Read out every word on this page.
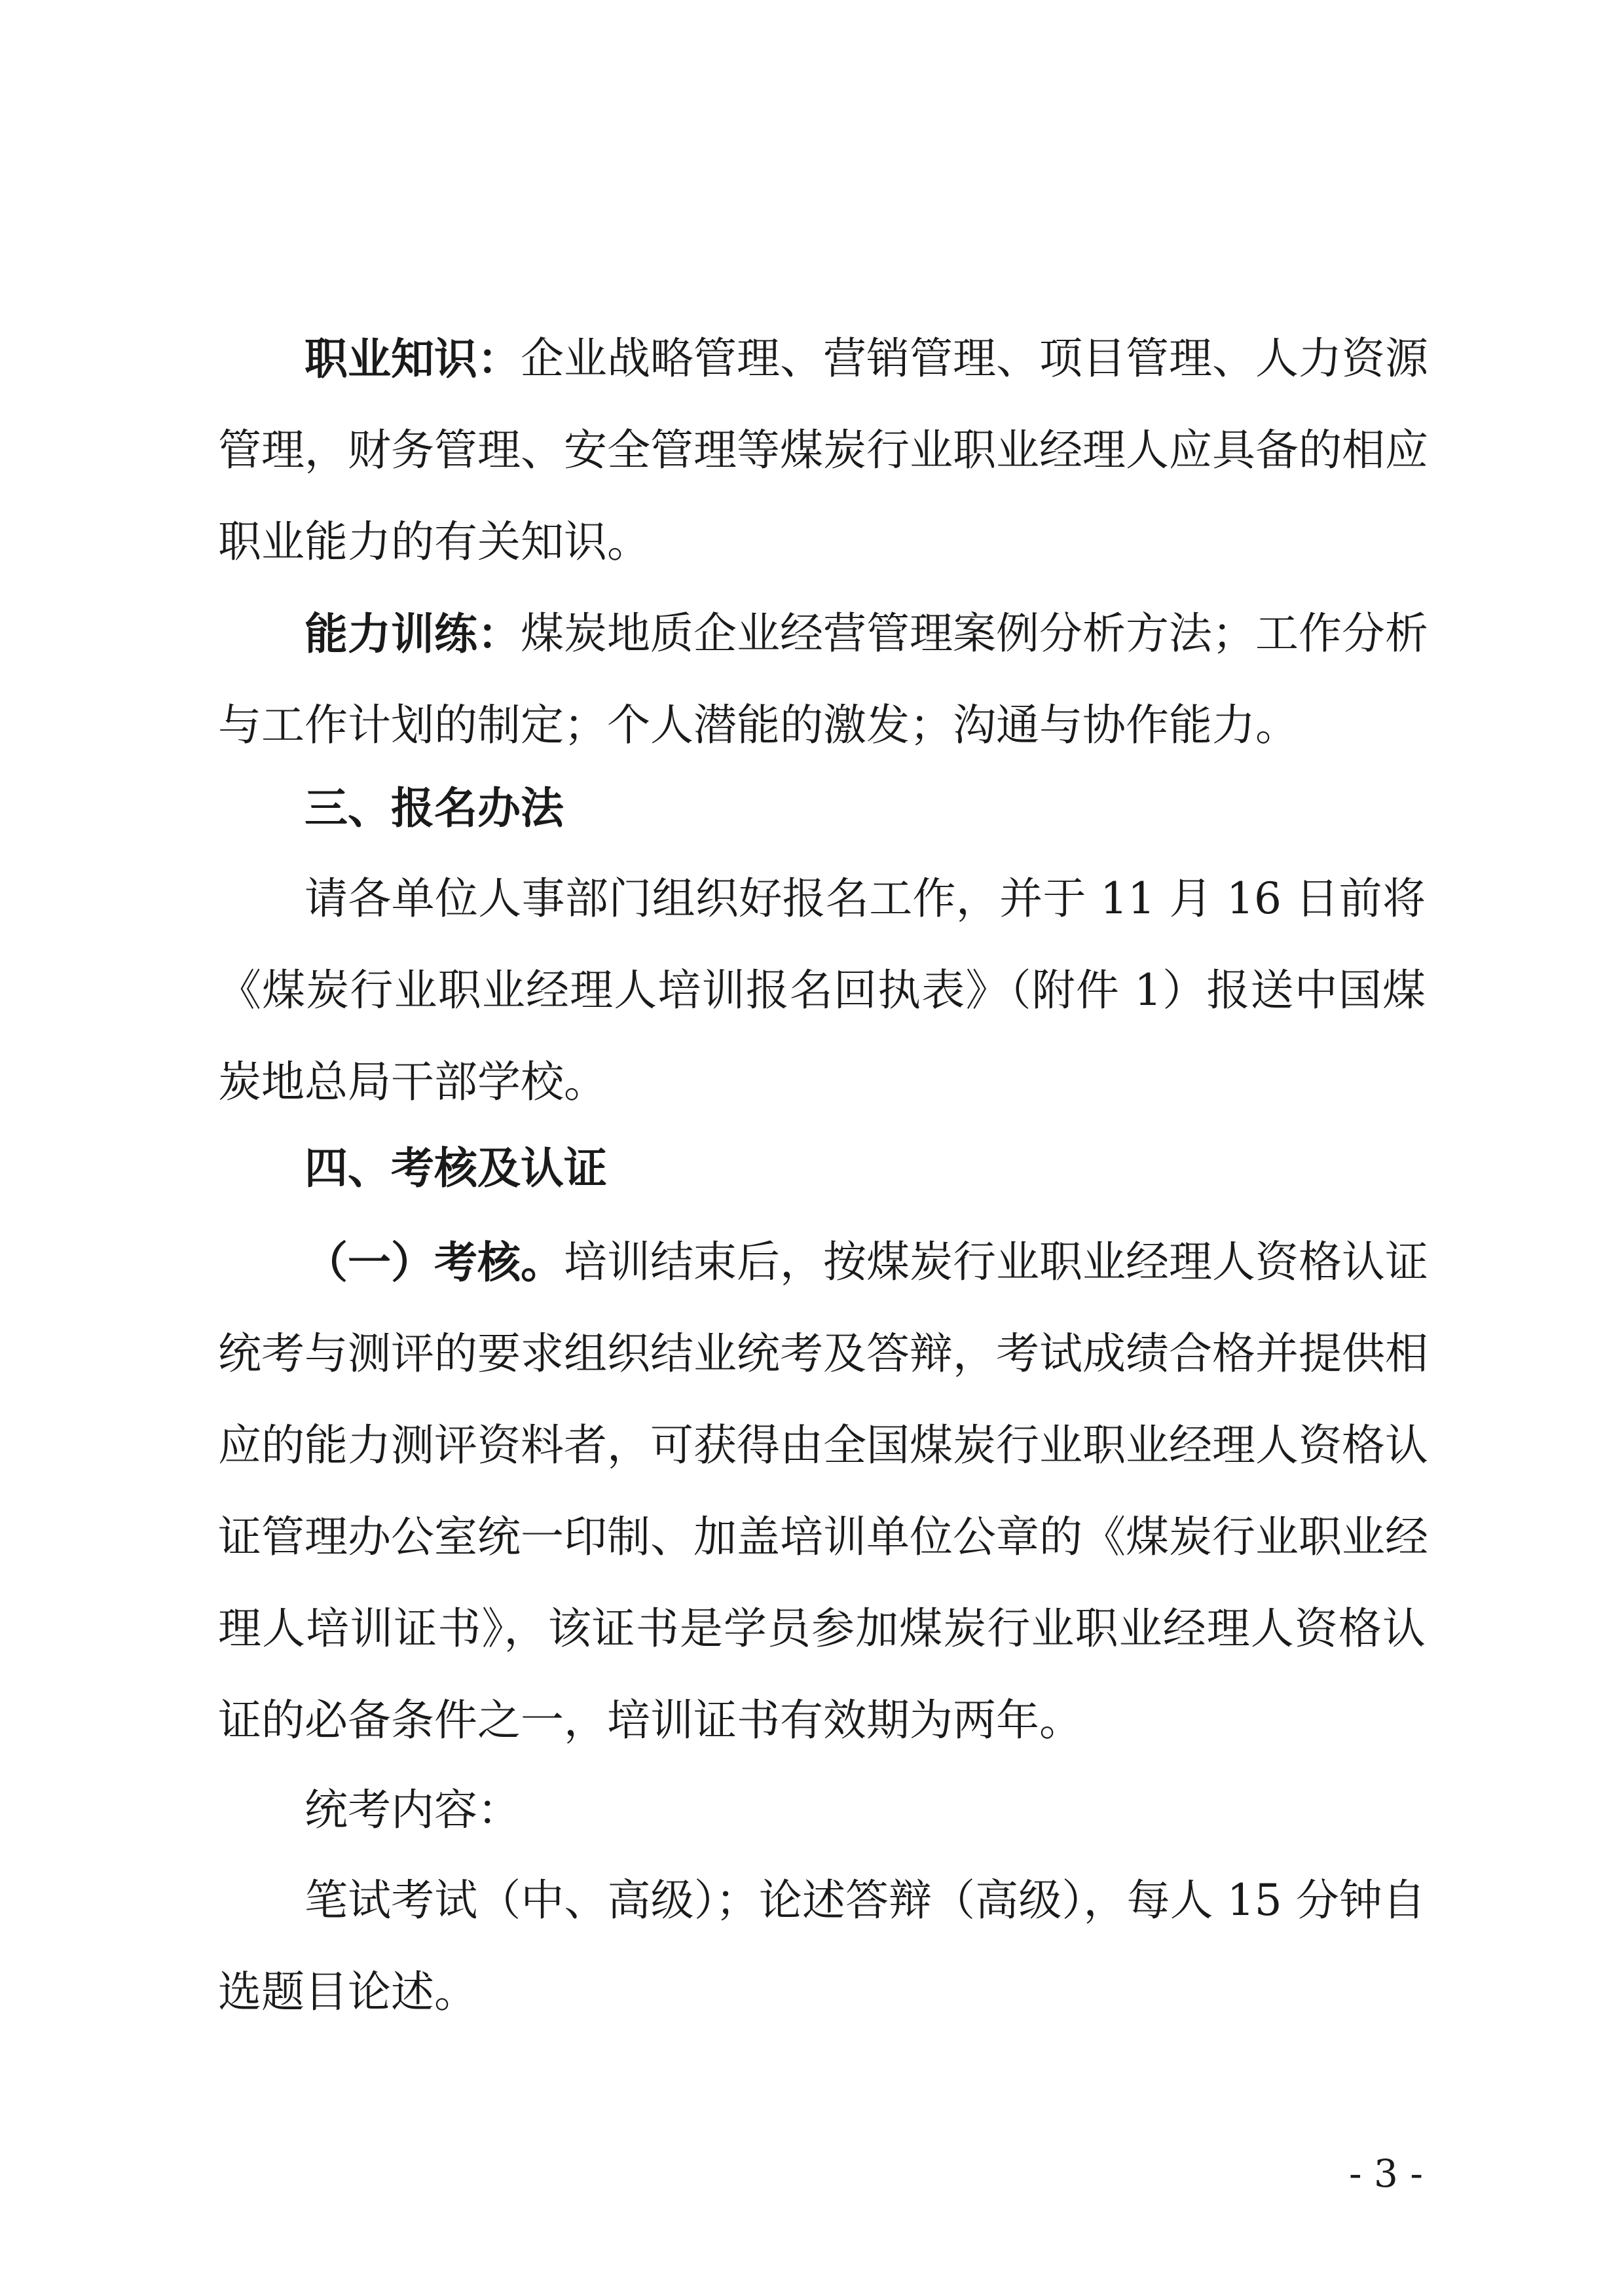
职业知识： 企业战略管理、营销管理、项目管理、人力资源
管理，财务管理、安全管理等煤炭行业职业经理人应具备的相应
职业能力的有关知识。
能力训练： 煤炭地质企业经营管理案例分析方法；工作分析
与工作计划的制定；个人潜能的激发；沟通与协作能力。
三、报名办法
请各单位人事部门组织好报名工作，并于 11 月 16 日前将
《煤炭行业职业经理人培训报名回执表》（附件 1）报送中国煤
炭地总局干部学校。
四、考核及认证
（一）考核。 培训结束后，按煤炭行业职业经理人资格认证
统考与测评的要求组织结业统考及答辩，考试成绩合格并提供相
应的能力测评资料者，可获得由全国煤炭行业职业经理人资格认
证管理办公室统一印制、加盖培训单位公章的《煤炭行业职业经
理人培训证书》，该证书是学员参加煤炭行业职业经理人资格认
证的必备条件之一，培训证书有效期为两年。
统考内容：
笔试考试（中、高级）；论述答辩（高级），每人 15 分钟自
选题目论述。
- 3 -
